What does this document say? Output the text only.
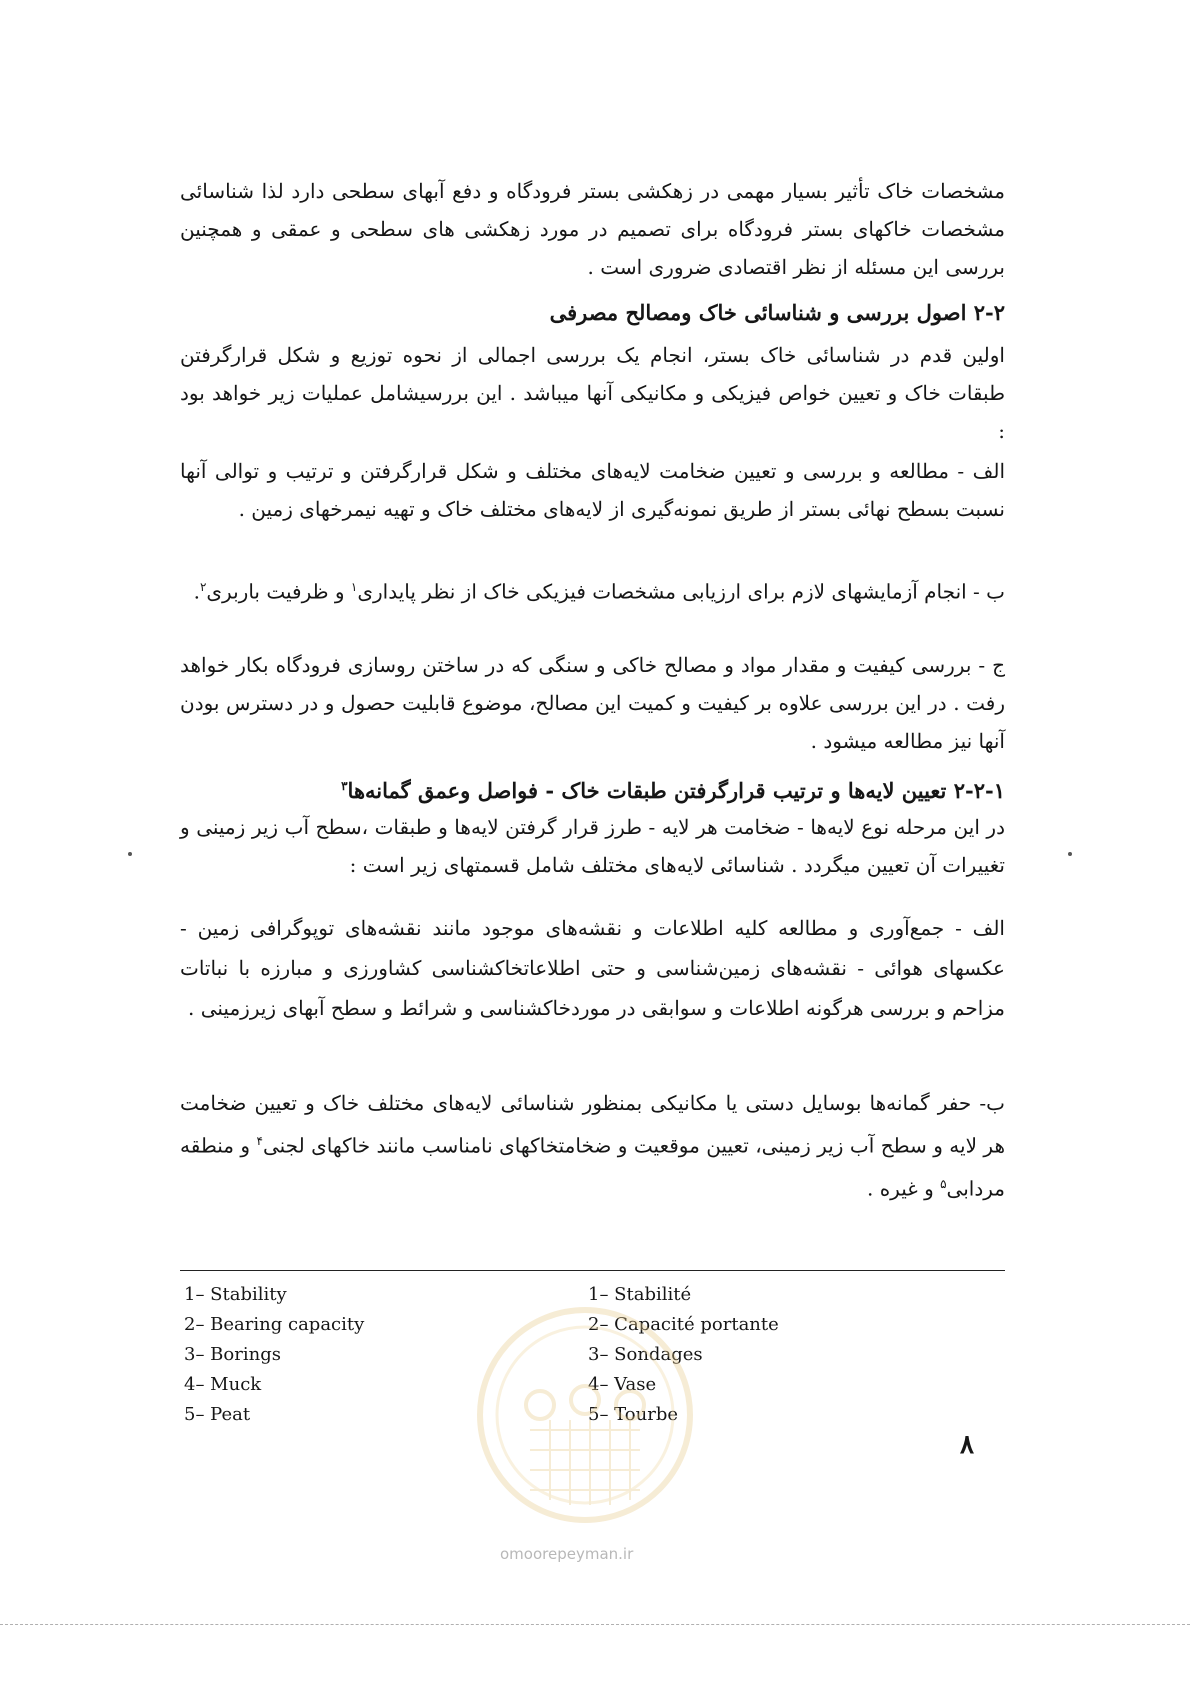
مشخصات خاک تأثیر بسیار مهمی در زهکشی بستر فرودگاه و دفع آبهای سطحی دارد لذا شناسائی مشخصات خاکهای بستر فرودگاه برای تصمیم در مورد زهکشی های سطحی و عمقی و همچنین بررسی این مسئله از نظر اقتصادی ضروری است .

۲-۲ اصول بررسی و شناسائی خاک ومصالح مصرفی

اولین قدم در شناسائی خاک بستر، انجام یک بررسی اجمالی از نحوه توزیع و شکل قرارگرفتن طبقات خاک و تعیین خواص فیزیکی و مکانیکی آنها میباشد . این بررسیشامل عملیات زیر خواهد بود :

الف - مطالعه و بررسی و تعیین ضخامت لایه‌های مختلف و شکل قرارگرفتن و ترتیب و توالی آنها نسبت بسطح نهائی بستر از طریق نمونه‌گیری از لایه‌های مختلف خاک و تهیه نیمرخهای زمین .

ب - انجام آزمایشهای لازم برای ارزیابی مشخصات فیزیکی خاک از نظر پایداری$^۱$ و ظرفیت باربری$^۲$.

ج - بررسی کیفیت و مقدار مواد و مصالح خاکی و سنگی که در ساختن روسازی فرودگاه بکار خواهد رفت . در این بررسی علاوه بر کیفیت و کمیت این مصالح، موضوع قابلیت حصول و در دسترس بودن آنها نیز مطالعه میشود .

۲-۲-۱ تعیین لایه‌ها و ترتیب قرارگرفتن طبقات خاک - فواصل وعمق گمانه‌ها$^۳$

در این مرحله نوع لایه‌ها - ضخامت هر لایه - طرز قرار گرفتن لایه‌ها و طبقات ،سطح آب زیر زمینی و تغییرات آن تعیین میگردد . شناسائی لایه‌های مختلف شامل قسمتهای زیر است :

الف - جمع‌آوری و مطالعه کلیه اطلاعات و نقشه‌های موجود مانند نقشه‌های توپوگرافی زمین - عکسهای هوائی - نقشه‌های زمین‌شناسی و حتی اطلاعاتخاکشناسی کشاورزی و مبارزه با نباتات مزاحم و بررسی هرگونه اطلاعات و سوابقی در موردخاکشناسی و شرائط و سطح آبهای زیرزمینی .

ب- حفر گمانه‌ها بوسایل دستی یا مکانیکی بمنظور شناسائی لایه‌های مختلف خاک و تعیین ضخامت هر لایه و سطح آب زیر زمینی، تعیین موقعیت و ضخامتخاکهای نامناسب مانند خاکهای لجنی$^۴$ و منطقه مردابی$^۵$ و غیره .

1– Stability
2– Bearing capacity
3– Borings
4– Muck
5– Peat
1– Stabilité
2– Capacité portante
3– Sondages
4– Vase
5– Tourbe
۸
omoorepeyman.ir
